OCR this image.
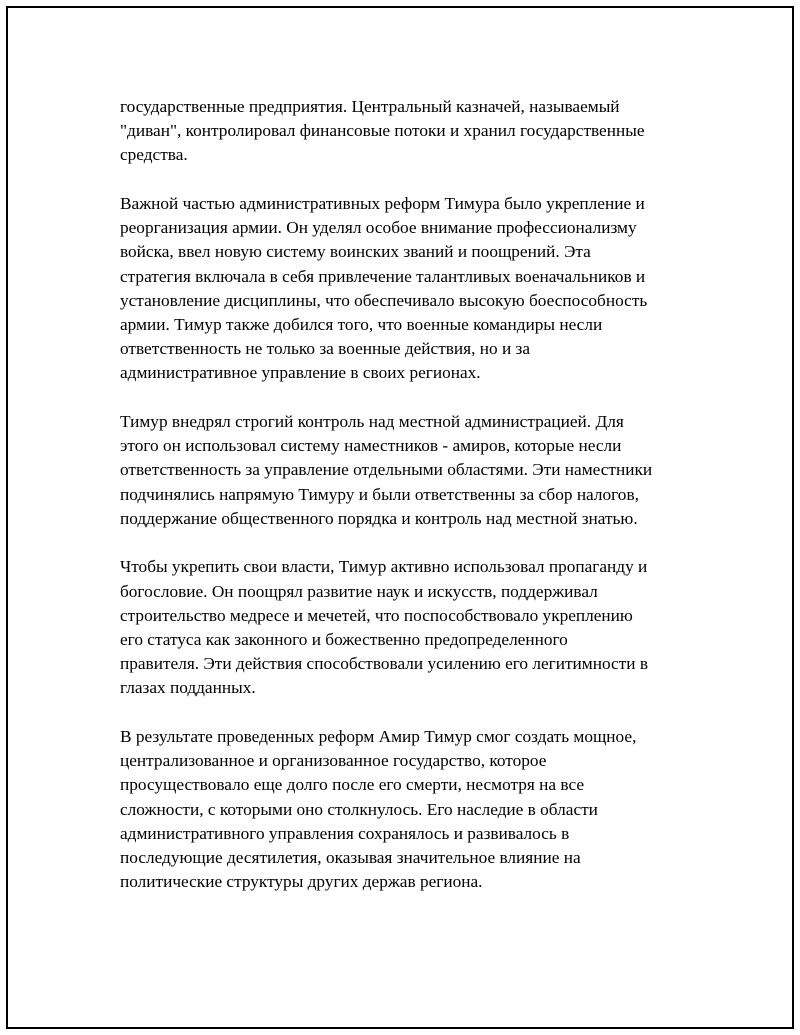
государственные предприятия. Центральный казначей, называемый
"диван", контролировал финансовые потоки и хранил государственные
средства.

Важной частью административных реформ Тимура было укрепление и
реорганизация армии. Он уделял особое внимание профессионализму
войска, ввел новую систему воинских званий и поощрений. Эта
стратегия включала в себя привлечение талантливых военачальников и
установление дисциплины, что обеспечивало высокую боеспособность
армии. Тимур также добился того, что военные командиры несли
ответственность не только за военные действия, но и за
административное управление в своих регионах.

Тимур внедрял строгий контроль над местной администрацией. Для
этого он использовал систему наместников - амиров, которые несли
ответственность за управление отдельными областями. Эти наместники
подчинялись напрямую Тимуру и были ответственны за сбор налогов,
поддержание общественного порядка и контроль над местной знатью.

Чтобы укрепить свои власти, Тимур активно использовал пропаганду и
богословие. Он поощрял развитие наук и искусств, поддерживал
строительство медресе и мечетей, что поспособствовало укреплению
его статуса как законного и божественно предопределенного
правителя. Эти действия способствовали усилению его легитимности в
глазах подданных.

В результате проведенных реформ Амир Тимур смог создать мощное,
централизованное и организованное государство, которое
просуществовало еще долго после его смерти, несмотря на все
сложности, с которыми оно столкнулось. Его наследие в области
административного управления сохранялось и развивалось в
последующие десятилетия, оказывая значительное влияние на
политические структуры других держав региона.
